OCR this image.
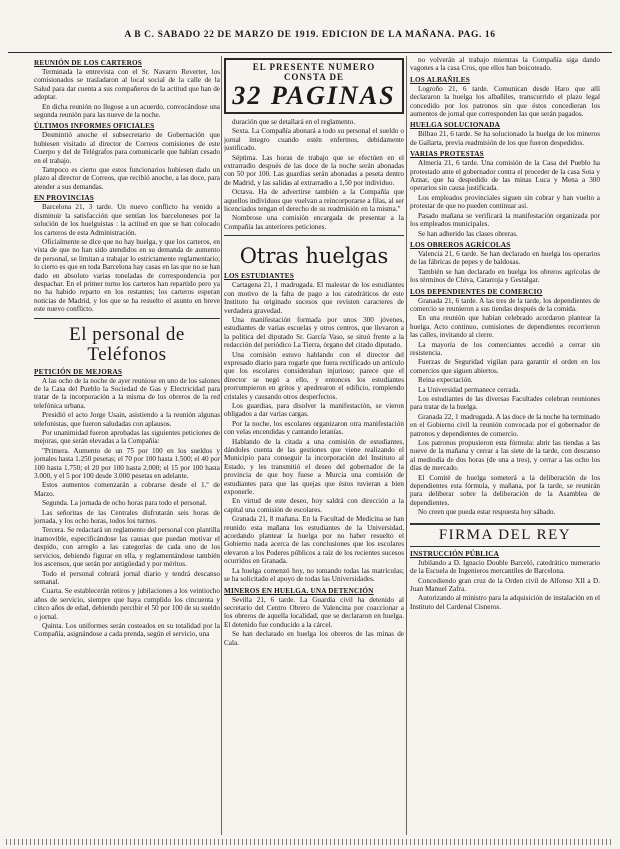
A B C. SABADO 22 DE MARZO DE 1919. EDICION DE LA MAÑANA. PAG. 16
REUNIÓN DE LOS CARTEROS

Terminada la entrevista con el Sr. Navarro Reverter, los comisionados se trasladaron al local social de la calle de la Salud para dar cuenta a sus compañeros de la actitud que han de adoptar.

En dicha reunión no llegose a un acuerdo, convocándose una segunda reunión para las nueve de la noche.

ÚLTIMOS INFORMES OFICIALES

Desmintió anoche el subsecretario de Gobernación que hubiesen visitado al director de Correos comisiones de este Cuerpo y del de Telégrafos para comunicarle que habían cesado en el trabajo.

Tampoco es cierto que estos funcionarios hubiesen dado un plazo al director de Correos, que recibió anoche, a las doce, para atender a sus demandas.

EN PROVINCIAS

Barcelona 21, 3 tarde. Un nuevo conflicto ha venido a disminuir la satisfacción que sentían los barceloneses por la solución de los huelguistas : la actitud en que se han colocado los carteros de esta Administración.

Oficialmente se dice que no hay huelga, y que los carteros, en vista de que no han sido atendidos en su demanda de aumento de personal, se limitan a trabajar lo estrictamente reglamentario; lo cierto es que en toda Barcelona hay casas en las que no se han dado en absoluto varias toneladas de correspondencia por despachar. En el primer turno los carteros han repartido pero ya no ha habido reparto en los restantes; los carteros esperan noticias de Madrid, y los que se ha resuelto el asunto en breve este nuevo conflicto.

El personal de Teléfonos
PETICIÓN DE MEJORAS

A las ocho de la noche de ayer reuniose en uno de los salones de la Casa del Pueblo la Sociedad de Gas y Electricidad para tratar de la incorporación a la misma de los obreros de la red telefónica urbana.

Presidió el acto Jorge Usain, asistiendo a la reunión algunas telefonistas, que fueron saludadas con aplausos.

Por unanimidad fueron aprobadas las siguientes peticiones de mejoras, que serán elevadas a la Compañía:

"Primera. Aumento de un 75 por 100 en los sueldos y jornales hasta 1.250 pesetas; el 70 por 100 hasta 1.500; el 40 por 100 hasta 1.750; el 20 por 100 hasta 2.000; el 15 por 100 hasta 3.000, y el 5 por 100 desde 3.000 pesetas en adelante.

Estos aumentos comenzarán a cobrarse desde el 1.º de Marzo.

Segunda. La jornada de ocho horas para todo el personal.

Las señoritas de las Centrales disfrutarán seis horas de jornada, y los ocho horas, todos los turnos.

Tercera. Se redactará un reglamento del personal con plantilla inamovible, especificándose las causas que puedan motivar el despido, con arreglo a las categorías de cada uno de los servicios, debiendo figurar en ella, y reglamentándose también los ascensos, que serán por antigüedad y por méritos.

Todo el personal cobrará jornal diario y tendrá descanso semanal.

Cuarta. Se establecerán retiros y jubilaciones a los veintiocho años de servicio, siempre que haya cumplido los cincuenta y cinco años de edad, debiendo percibir el 50 por 100 de su sueldo o jornal.

Quinta. Los uniformes serán costeados en su totalidad por la Compañía, asignándose a cada prenda, según el servicio, una

EL PRESENTE NUMERO CONSTA DE
32 PAGINAS

duración que se detallará en el reglamento.

Sexta. La Compañía abonará a todo su personal el sueldo o jornal íntegro cuando estén enfermos, debidamente justificado.

Séptima. Las horas de trabajo que se efectúen en el extrarradio después de las doce de la noche serán abonadas con 50 por 100. Las guardias serán abonadas a peseta dentro de Madrid, y las salidas al extrarradio a 1,50 por individuo.

Octava. Ha de advertirse también a la Compañía que aquellos individuos que vuelvan a reincorporarse a filas, al ser licenciados tengan el derecho de su readmisión en la misma."

Nombrose una comisión encargada de presentar a la Compañía las anteriores peticiones.

Otras huelgas
LOS ESTUDIANTES

Cartagena 21, 1 madrugada. El malestar de los estudiantes con motivo de la falta de pago a los catedráticos de este Instituto ha originado sucesos que revisten caracteres de verdadera gravedad.

Una manifestación formada por unos 300 jóvenes, estudiantes de varias escuelas y otros centros, que llevaron a la política del diputado Sr. García Vaso, se situó frente a la redacción del periódico La Tierra, órgano del citado diputado.

Una comisión estuvo hablando con el director del expresado diario para rogarle que fuera rectificado un artículo que los escolares consideraban injurioso; parece que el director se negó a ello, y entonces los estudiantes prorrumpieron en gritos y apedrearon el edificio, rompiendo cristales y causando otros desperfectos.

Los guardias, para disolver la manifestación, se vieron obligados a dar varias cargas.

Por la noche, los escolares organizaron otra manifestación con velas encendidas y cantando letanías.

Hablando de la citada a una comisión de estudiantes, dándoles cuenta de las gestiones que viene realizando el Municipio para conseguir la incorporación del Instituto al Estado, y les transmitió el deseo del gobernador de la provincia de que hoy fuese a Murcia una comisión de estudiantes para que las quejas que éstos tuvieran a bien exponerle.

En virtud de este deseo, hoy saldrá con dirección a la capital una comisión de escolares.

Granada 21, 8 mañana. En la Facultad de Medicina se han reunido esta mañana los estudiantes de la Universidad, acordando plantear la huelga por no haber resuelto el Gobierno nada acerca de las conclusiones que los escolares elevaron a los Poderes públicos a raíz de los recientes sucesos ocurridos en Granada.

La huelga comenzó hoy, no tomando todas las matrículas; se ha solicitado el apoyo de todas las Universidades.

MINEROS EN HUELGA. UNA DETENCIÓN

Sevilla 21, 6 tarde. La Guardia civil ha detenido al secretario del Centro Obrero de Valencina por coaccionar a los obreros de aquella localidad, que se declararon en huelga. El detenido fue conducido a la cárcel.

Se han declarado en huelga los obreros de las minas de Cala.

no volverán al trabajo mientras la Compañía siga dando vagones a la casa Cros, que ellos han boicoteado.

LOS ALBAÑILES

Logroño 21, 6 tarde. Comunican desde Haro que allí declararon la huelga los albañiles, transcurrido el plazo legal concedido por los patronos sin que éstos concedieran los aumentos de jornal que corresponden las que serán pagados.

HUELGA SOLUCIONADA

Bilbao 21, 6 tarde. Se ha solucionado la huelga de los mineros de Gallarta, previa readmisión de los que fueron despedidos.

VARIAS PROTESTAS

Almería 21, 6 tarde. Una comisión de la Casa del Pueblo ha protestado ante el gobernador contra el proceder de la casa Sota y Aznar, que ha despedido de las minas Luca y Mena a 300 operarios sin causa justificada.

Los empleados provinciales siguen sin cobrar y han vuelto a protestar de que no pueden continuar así.

Pasado mañana se verificará la manifestación organizada por los empleados municipales.

Se han adherido las clases obreras.

LOS OBREROS AGRÍCOLAS

Valencia 21, 6 tarde. Se han declarado en huelga los operarios de las fábricas de pepes y de baldosas.

También se han declarado en huelga los obreros agrícolas de los términos de Chiva, Catarroja y Gestalgar.

LOS DEPENDIENTES DE COMERCIO

Granada 21, 6 tarde. A las tres de la tarde, los dependientes de comercio se reunieron a sus tiendas después de la comida.

En una reunión que habían celebrado acordaron plantear la huelga. Acto continuo, comisiones de dependientes recorrieron las calles, invitando al cierre.

La mayoría de los comerciantes accedió a cerrar sin resistencia.

Fuerzas de Seguridad vigilan para garantir el orden en los comercios que siguen abiertos.

Reina expectación.

La Universidad permanece cerrada.

Los estudiantes de las diversas Facultades celebran reuniones para tratar de la huelga.

Granada 22, 1 madrugada. A las doce de la noche ha terminado en el Gobierno civil la reunión convocada por el gobernador de patronos y dependientes de comercio.

Los patronos propusieron esta fórmula: abrir las tiendas a las nueve de la mañana y cerrar a las siete de la tarde, con descanso al mediodía de dos horas (de una a tres), y cerrar a las ocho los días de mercado.

El Comité de huelga someterá a la deliberación de los dependientes esta fórmula, y mañana, por la tarde, se reunirán para deliberar sobre la deliberación de la Asamblea de dependientes.

No creen que pueda estar respuesta hoy sábado.

FIRMA DEL REY
INSTRUCCIÓN PÚBLICA

Jubilando a D. Ignacio Double Barceló, catedrático numerario de la Escuela de Ingenieros mercantiles de Barcelona.

Concediendo gran cruz de la Orden civil de Alfonso XII a D. Juan Manuel Zafra.

Autorizando al ministro para la adquisición de instalación en el Instituto del Cardenal Cisneros.
